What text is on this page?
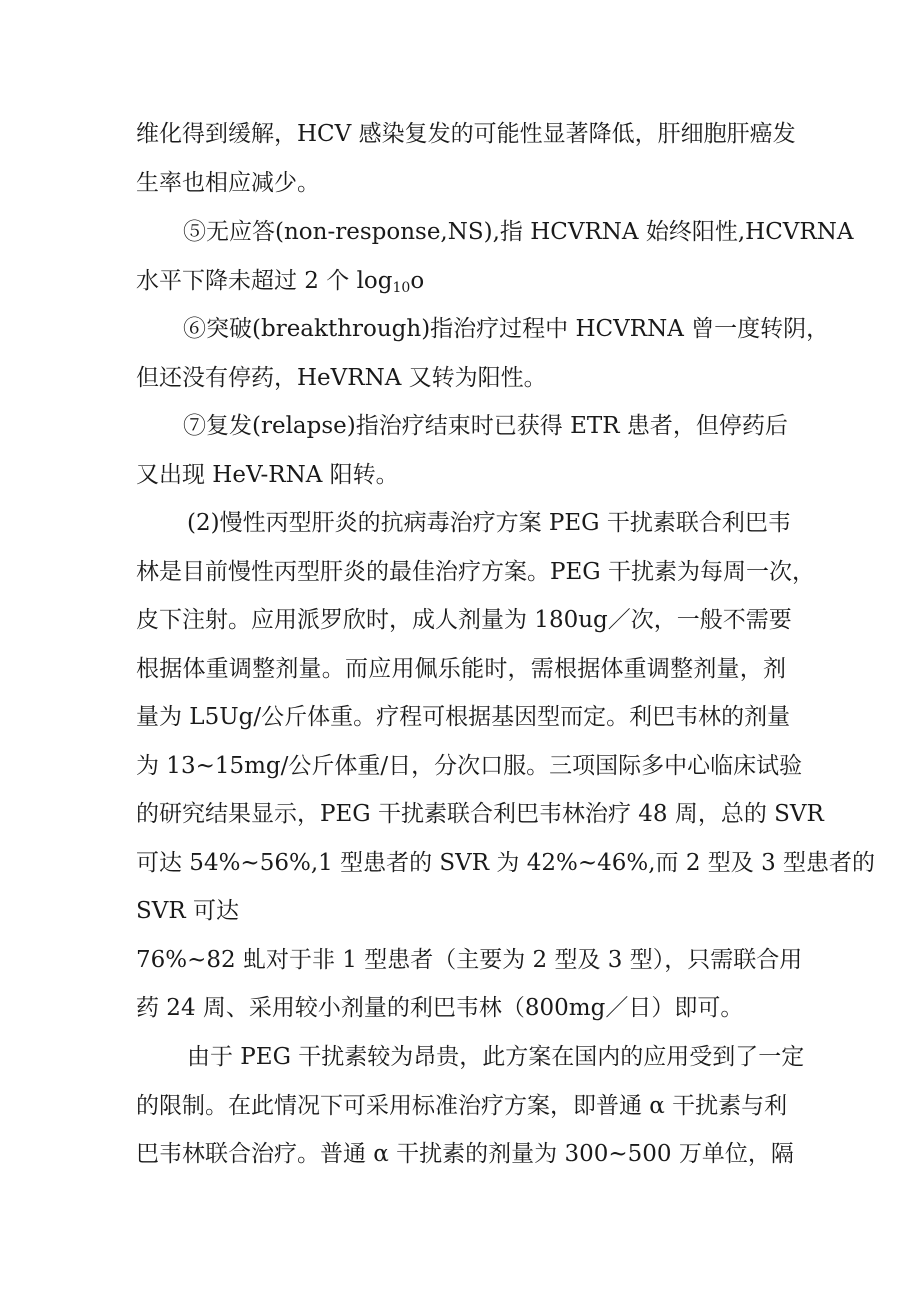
维化得到缓解，HCV 感染复发的可能性显著降低，肝细胞肝癌发
生率也相应减少。
⑤无应答(non-response,NS),指 HCVRNA 始终阳性,HCVRNA
水平下降未超过 2 个 $\log_{10}o$
⑥突破(breakthrough)指治疗过程中 HCVRNA 曾一度转阴，
但还没有停药，HeVRNA 又转为阳性。
⑦复发(relapse)指治疗结束时已获得 ETR 患者，但停药后
又出现 HeV-RNA 阳转。
(2)慢性丙型肝炎的抗病毒治疗方案 PEG 干扰素联合利巴韦
林是目前慢性丙型肝炎的最佳治疗方案。PEG 干扰素为每周一次，
皮下注射。应用派罗欣时，成人剂量为 180ug／次，一般不需要
根据体重调整剂量。而应用佩乐能时，需根据体重调整剂量，剂
量为 L5Ug/公斤体重。疗程可根据基因型而定。利巴韦林的剂量
为 13~15mg/公斤体重/日，分次口服。三项国际多中心临床试验
的研究结果显示，PEG 干扰素联合利巴韦林治疗 48 周，总的 SVR
可达 54%~56%,1 型患者的 SVR 为 42%~46%,而 2 型及 3 型患者的
SVR 可达
76%~82 虬对于非 1 型患者（主要为 2 型及 3 型），只需联合用
药 24 周、采用较小剂量的利巴韦林（800mg／日）即可。
由于 PEG 干扰素较为昂贵，此方案在国内的应用受到了一定
的限制。在此情况下可采用标准治疗方案，即普通 α 干扰素与利
巴韦林联合治疗。普通 α 干扰素的剂量为 300~500 万单位，隔
